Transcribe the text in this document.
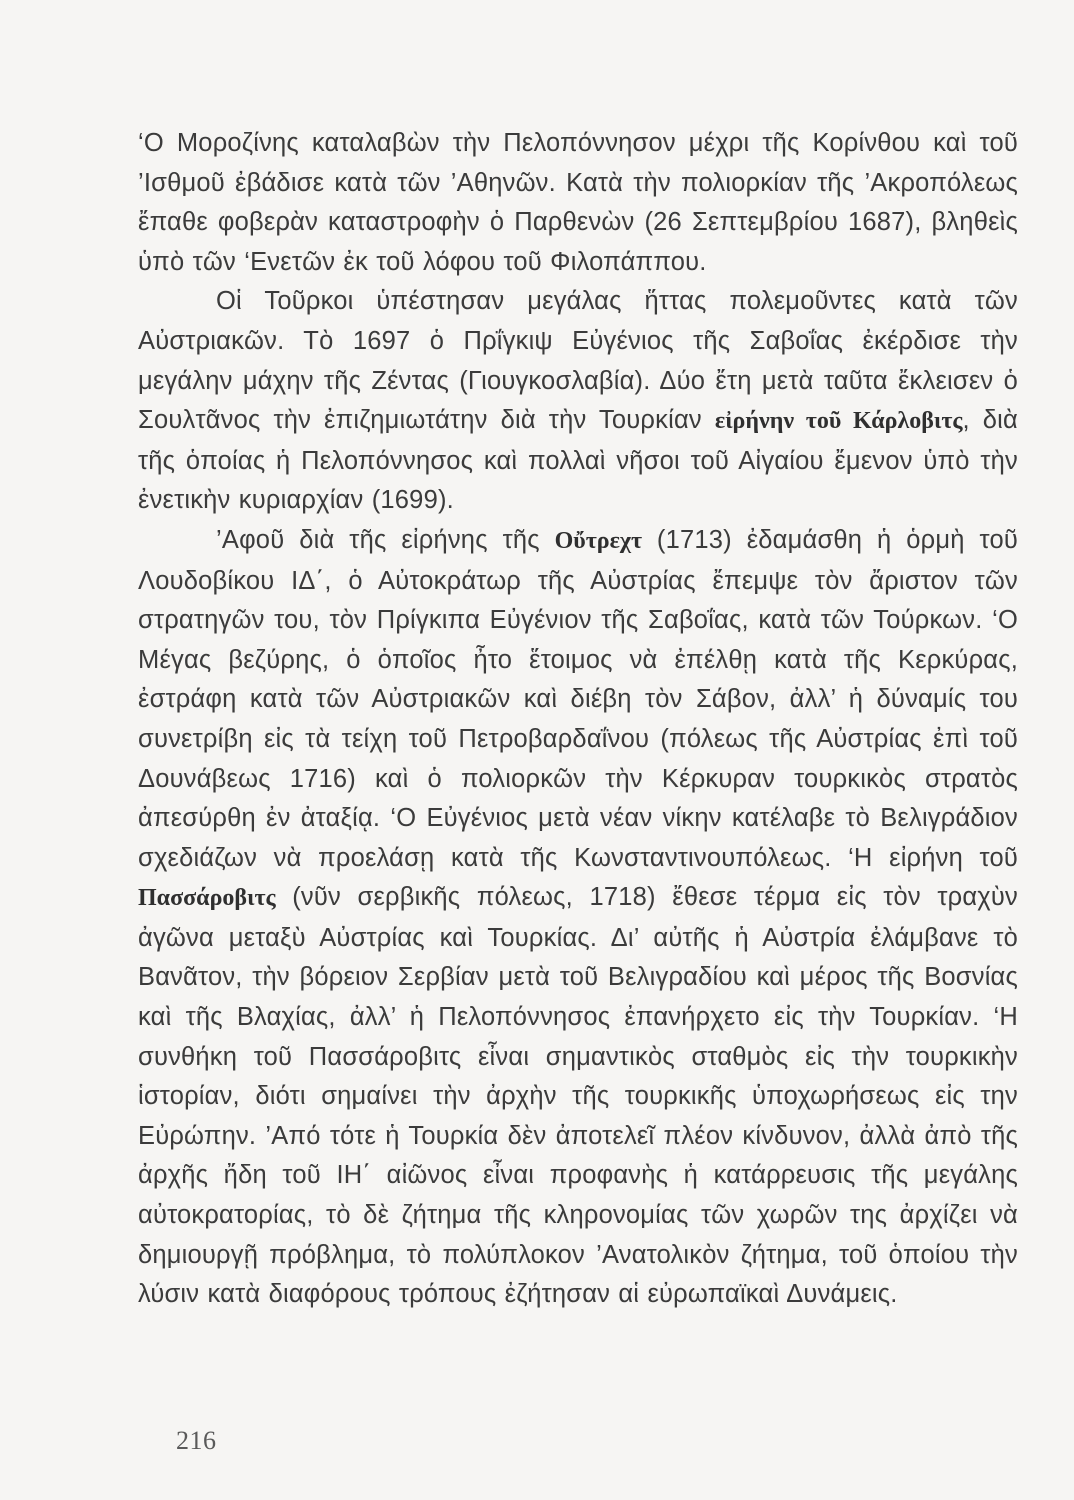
‘Ο Μοροζίνης καταλαβὼν τὴν Πελοπόννησον μέχρι τῆς Κορίνθου καὶ τοῦ ’Ισθμοῦ ἐβάδισε κατὰ τῶν ’Αθηνῶν. Κατὰ τὴν πολιορκίαν τῆς ’Ακροπόλεως ἔπαθε φοβερὰν καταστροφὴν ὁ Παρθενὼν (26 Σεπτεμβρίου 1687), βληθεὶς ὑπὸ τῶν ‘Ενετῶν ἐκ τοῦ λόφου τοῦ Φιλοπάππου.

Οἱ Τοῦρκοι ὑπέστησαν μεγάλας ἥττας πολεμοῦντες κατὰ τῶν Αὐστριακῶν. Τὸ 1697 ὁ Πρΐγκιψ Εὐγένιος τῆς Σαβοΐας ἐκέρδισε τὴν μεγάλην μάχην τῆς Ζέντας (Γιουγκοσλαβία). Δύο ἔτη μετὰ ταῦτα ἔκλεισεν ὁ Σουλτᾶνος τὴν ἐπιζημιωτάτην διὰ τὴν Τουρκίαν εἰρήνην τοῦ Κάρλοβιτς, διὰ τῆς ὁποίας ἡ Πελοπόννησος καὶ πολλαὶ νῆσοι τοῦ Αἰγαίου ἔμενον ὑπὸ τὴν ἐνετικὴν κυριαρχίαν (1699).

’Αφοῦ διὰ τῆς εἰρήνης τῆς Οὔτρεχτ (1713) ἐδαμάσθη ἡ ὁρμὴ τοῦ Λουδοβίκου ΙΔ΄, ὁ Αὐτοκράτωρ τῆς Αὐστρίας ἔπεμψε τὸν ἄριστον τῶν στρατηγῶν του, τὸν Πρίγκιπα Εὐγένιον τῆς Σαβοΐας, κατὰ τῶν Τούρκων. ‘Ο Μέγας βεζύρης, ὁ ὁποῖος ἦτο ἕτοιμος νὰ ἐπέλθῃ κατὰ τῆς Κερκύρας, ἐστράφη κατὰ τῶν Αὐστριακῶν καὶ διέβη τὸν Σάβον, ἀλλ’ ἡ δύναμίς του συνετρίβη εἰς τὰ τείχη τοῦ Πετροβαρδαΐνου (πόλεως τῆς Αὐστρίας ἐπὶ τοῦ Δουνάβεως 1716) καὶ ὁ πολιορκῶν τὴν Κέρκυραν τουρκικὸς στρατὸς ἀπεσύρθη ἐν ἀταξίᾳ. ‘Ο Εὐγένιος μετὰ νέαν νίκην κατέλαβε τὸ Βελιγράδιον σχεδιάζων νὰ προελάσῃ κατὰ τῆς Κωνσταντινουπόλεως. ‘Η εἰρήνη τοῦ Πασσάροβιτς (νῦν σερβικῆς πόλεως, 1718) ἔθεσε τέρμα εἰς τὸν τραχὺν ἀγῶνα μεταξὺ Αὐστρίας καὶ Τουρκίας. Δι’ αὐτῆς ἡ Αὐστρία ἐλάμβανε τὸ Βανᾶτον, τὴν βόρειον Σερβίαν μετὰ τοῦ Βελιγραδίου καὶ μέρος τῆς Βοσνίας καὶ τῆς Βλαχίας, ἀλλ’ ἡ Πελοπόννησος ἐπανήρχετο εἰς τὴν Τουρκίαν. ‘Η συνθήκη τοῦ Πασσάροβιτς εἶναι σημαντικὸς σταθμὸς εἰς τὴν τουρκικὴν ἱστορίαν, διότι σημαίνει τὴν ἀρχὴν τῆς τουρκικῆς ὑποχωρήσεως εἰς την Εὐρώπην. ’Από τότε ἡ Τουρκία δὲν ἀποτελεῖ πλέον κίνδυνον, ἀλλὰ ἀπὸ τῆς ἀρχῆς ἤδη τοῦ ΙΗ΄ αἰῶνος εἶναι προφανὴς ἡ κατάρρευσις τῆς μεγάλης αὐτοκρατορίας, τὸ δὲ ζήτημα τῆς κληρονομίας τῶν χωρῶν της ἀρχίζει νὰ δημιουργῇ πρόβλημα, τὸ πολύπλοκον ’Ανατολικὸν ζήτημα, τοῦ ὁποίου τὴν λύσιν κατὰ διαφόρους τρόπους ἐζήτησαν αἱ εὐρωπαϊκαὶ Δυνάμεις.

216
